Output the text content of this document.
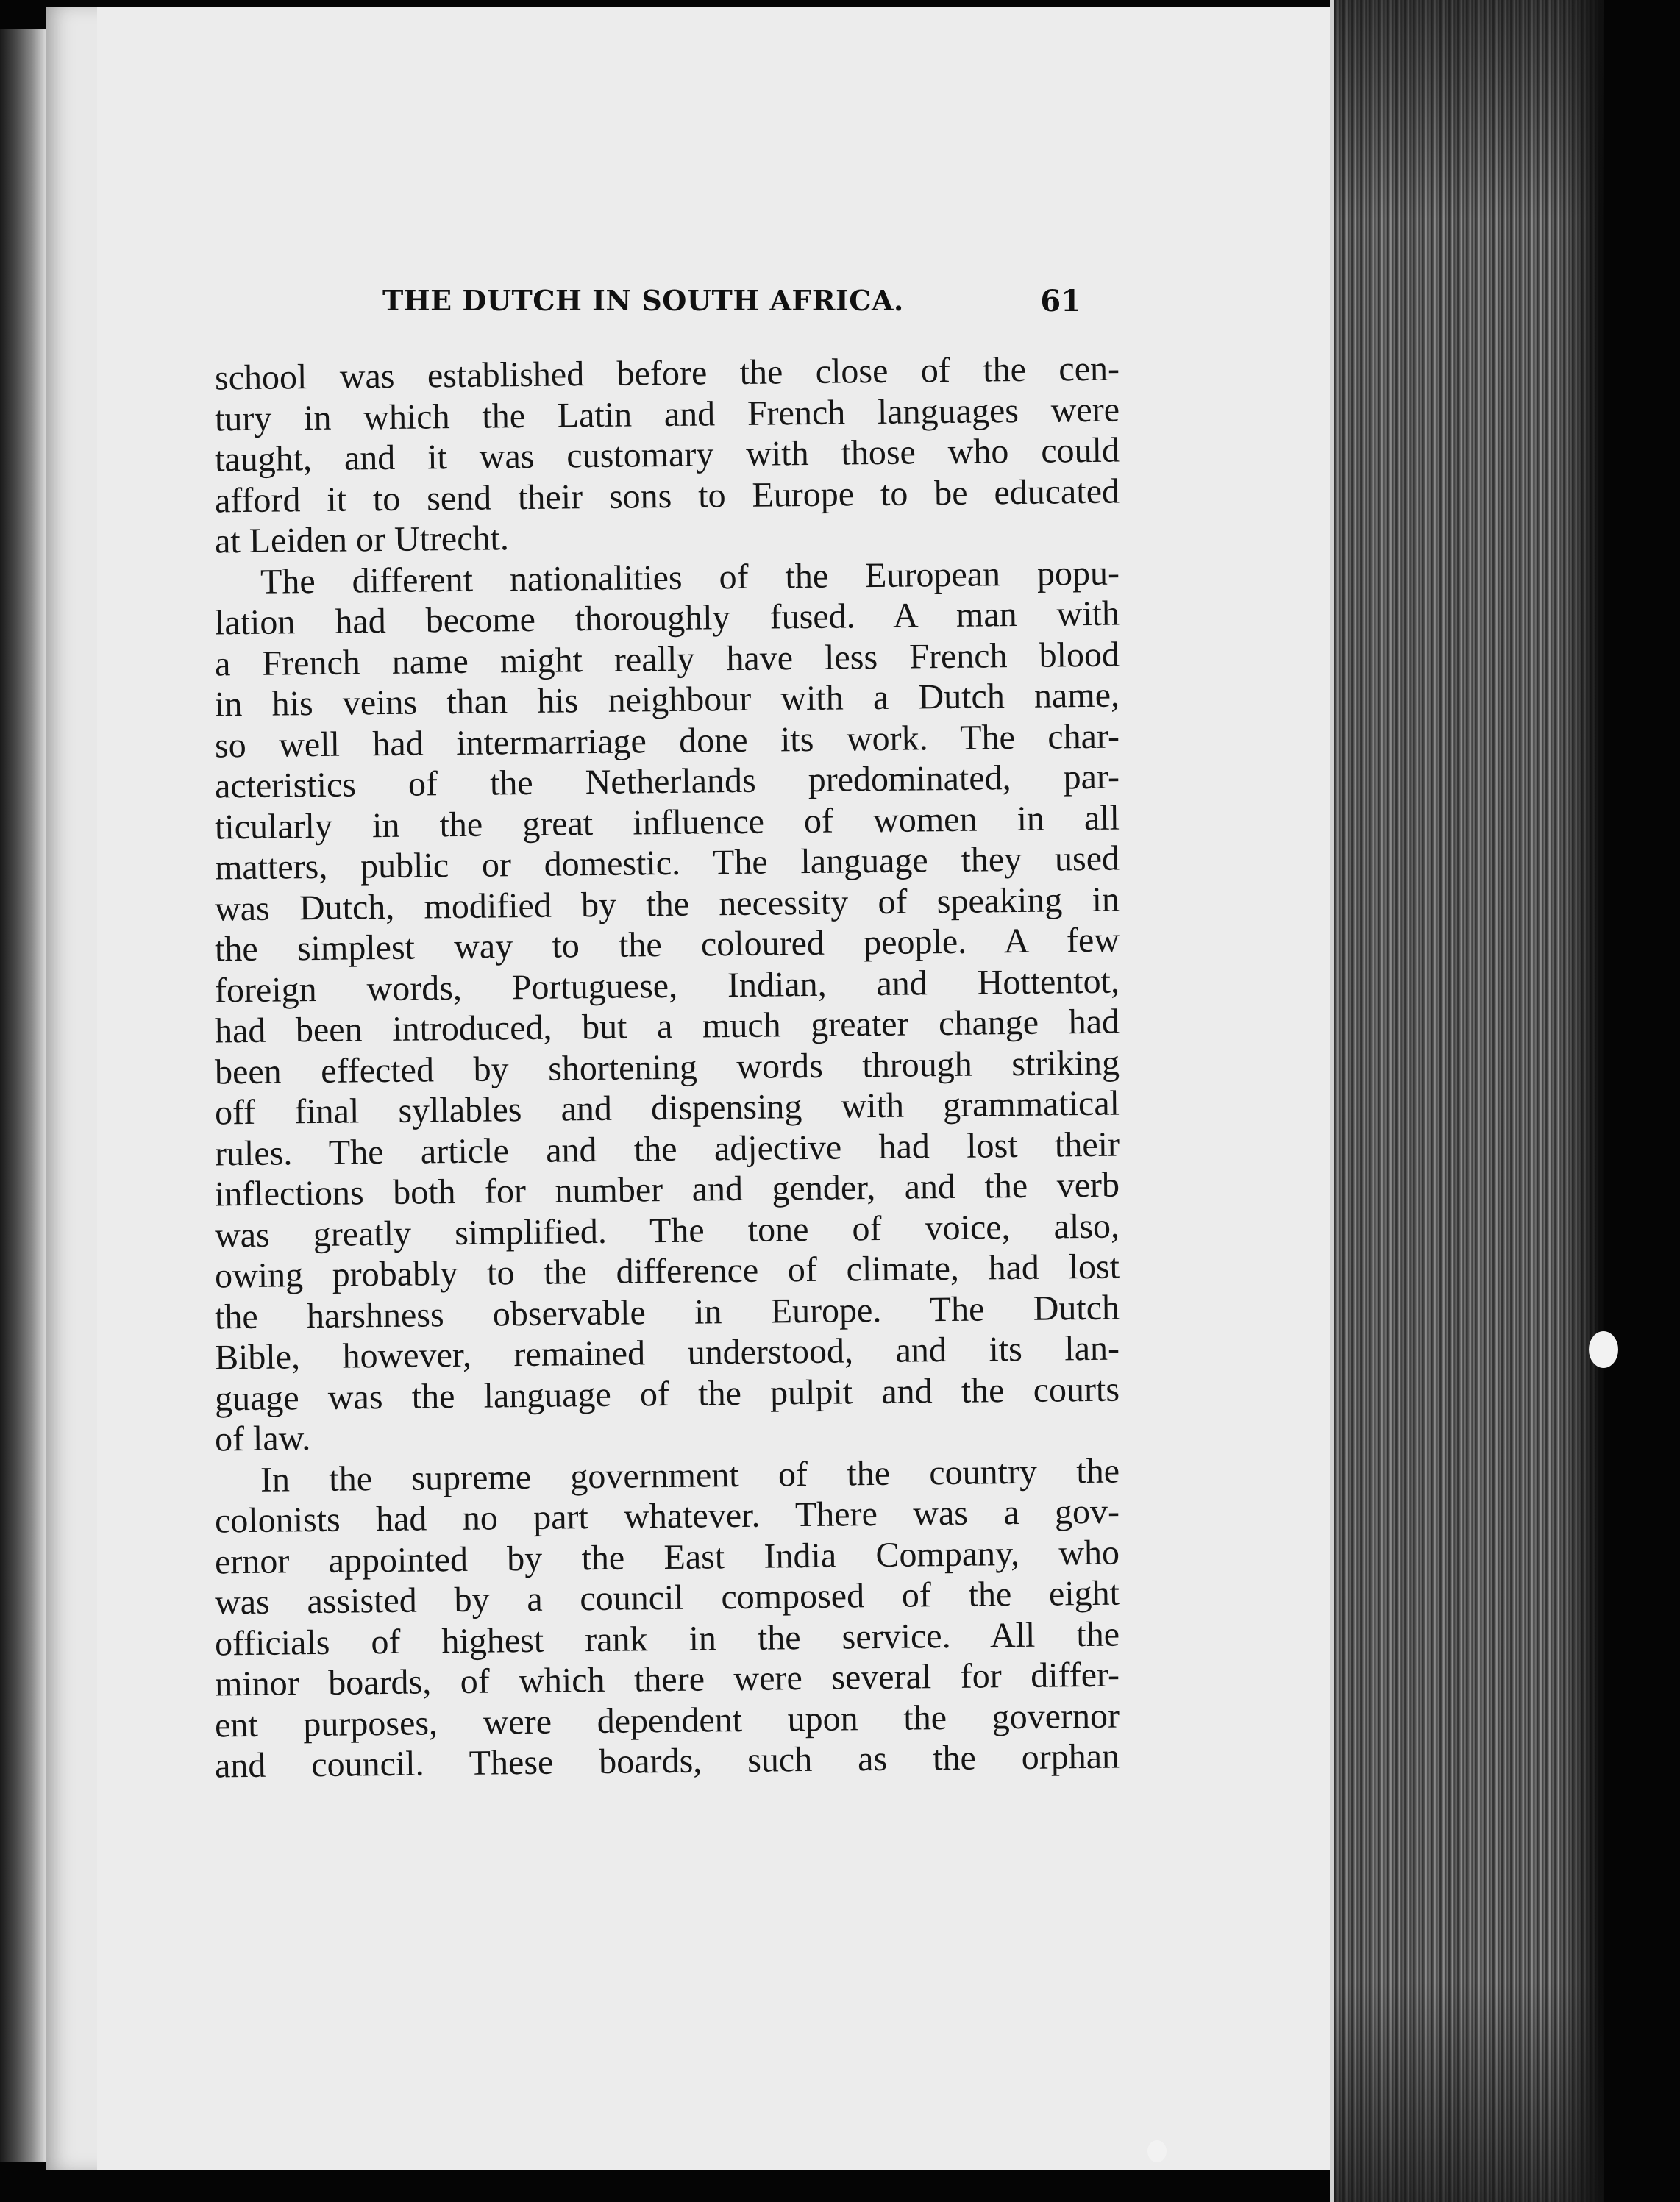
THE DUTCH IN SOUTH AFRICA.	61
school was established before the close of the cen-
tury in which the Latin and French languages were
taught, and it was customary with those who could
afford it to send their sons to Europe to be educated
at Leiden or Utrecht.
The different nationalities of the European popu-
lation had become thoroughly fused. A man with
a French name might really have less French blood
in his veins than his neighbour with a Dutch name,
so well had intermarriage done its work. The char-
acteristics of the Netherlands predominated, par-
ticularly in the great influence of women in all
matters, public or domestic. The language they used
was Dutch, modified by the necessity of speaking in
the simplest way to the coloured people. A few
foreign words, Portuguese, Indian, and Hottentot,
had been introduced, but a much greater change had
been effected by shortening words through striking
off final syllables and dispensing with grammatical
rules. The article and the adjective had lost their
inflections both for number and gender, and the verb
was greatly simplified. The tone of voice, also,
owing probably to the difference of climate, had lost
the harshness observable in Europe. The Dutch
Bible, however, remained understood, and its lan-
guage was the language of the pulpit and the courts
of law.
In the supreme government of the country the
colonists had no part whatever. There was a gov-
ernor appointed by the East India Company, who
was assisted by a council composed of the eight
officials of highest rank in the service. All the
minor boards, of which there were several for differ-
ent purposes, were dependent upon the governor
and council. These boards, such as the orphan
